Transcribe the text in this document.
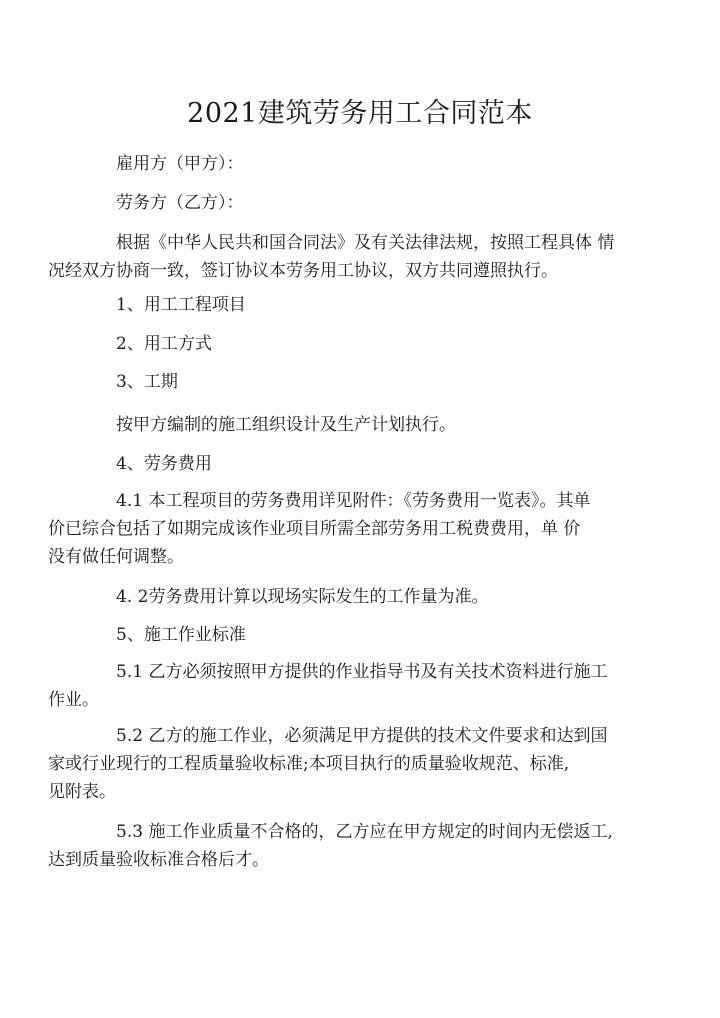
2021建筑劳务用工合同范本

雇用方（甲方）：

劳务方（乙方）：

根据《中华人民共和国合同法》及有关法律法规，按照工程具体 情
况经双方协商一致，签订协议本劳务用工协议，双方共同遵照执行。

1、用工工程项目

2、用工方式

3、工期

按甲方编制的施工组织设计及生产计划执行。

4、劳务费用

4.1 本工程项目的劳务费用详见附件：《劳务费用一览表》。其单
价已综合包括了如期完成该作业项目所需全部劳务用工税费费用，单 价
没有做任何调整。

4. 2劳务费用计算以现场实际发生的工作量为准。

5、施工作业标准

5.1 乙方必须按照甲方提供的作业指导书及有关技术资料进行施工
作业。

5.2 乙方的施工作业，必须满足甲方提供的技术文件要求和达到国
家或行业现行的工程质量验收标准;本项目执行的质量验收规范、标准,
见附表。

5.3 施工作业质量不合格的，乙方应在甲方规定的时间内无偿返工,
达到质量验收标准合格后才。
